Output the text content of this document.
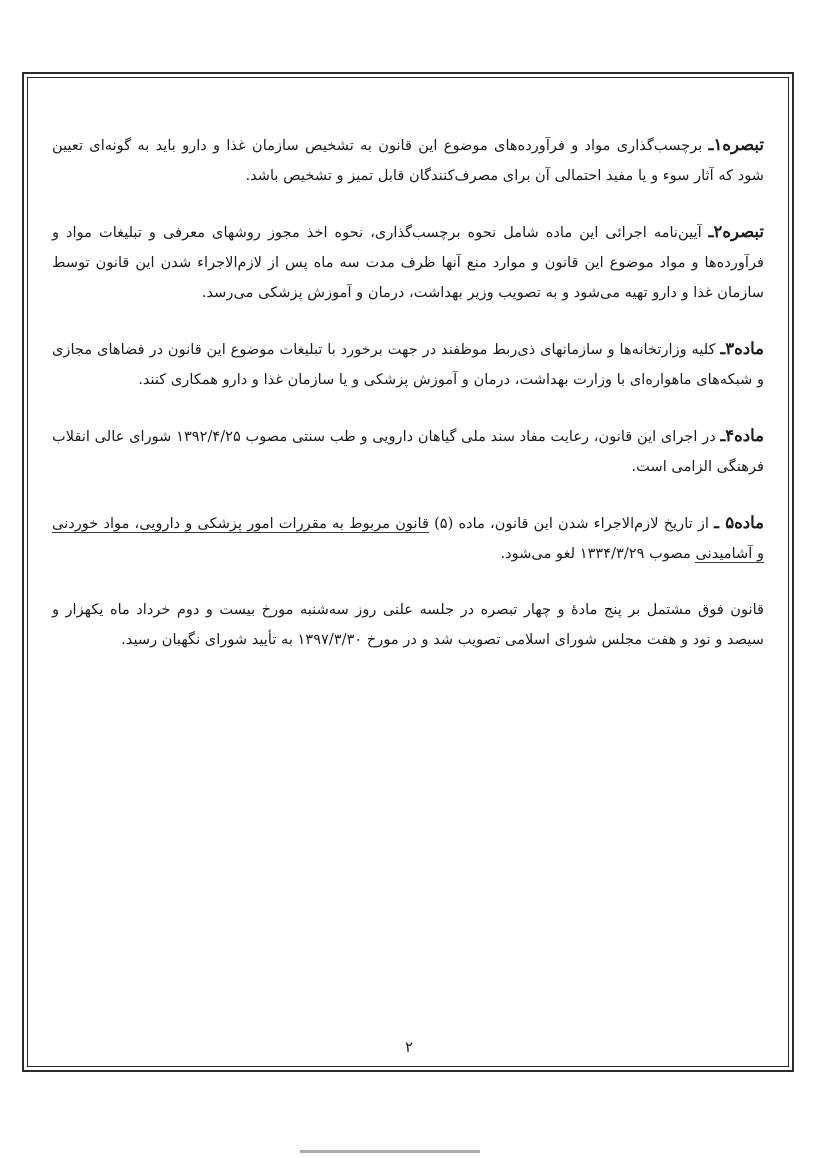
تبصره۱ـ برچسب‌گذاری مواد و فرآورده‌های موضوع این قانون به تشخیص سازمان غذا و دارو باید به گونه‌ای تعیین شود که آثار سوء و یا مفید احتمالی آن برای مصرف‌کنندگان قابل تمیز و تشخیص باشد.

تبصره۲ـ آیین‌نامه اجرائی این ماده شامل نحوه برچسب‌گذاری، نحوه اخذ مجوز روشهای معرفی و تبلیغات مواد و فرآورده‌ها و مواد موضوع این قانون و موارد منع آنها ظرف مدت سه ماه پس از لازم‌الاجراء شدن این قانون توسط سازمان غذا و دارو تهیه می‌شود و به تصویب وزیر بهداشت، درمان و آموزش پزشکی می‌رسد.

ماده۳ـ کلیه وزارتخانه‌ها و سازمانهای ذی‌ربط موظفند در جهت برخورد با تبلیغات موضوع این قانون در فضاهای مجازی و شبکه‌های ماهواره‌ای با وزارت بهداشت، درمان و آموزش پزشکی و یا سازمان غذا و دارو همکاری کنند.

ماده۴ـ در اجرای این قانون، رعایت مفاد سند ملی گیاهان دارویی و طب سنتی مصوب ۱۳۹۲/۴/۲۵ شورای عالی انقلاب فرهنگی الزامی است.

ماده۵ ـ از تاریخ لازم‌الاجراء شدن این قانون، ماده (۵) قانون مربوط به مقررات امور پزشکی و دارویی، مواد خوردنی و آشامیدنی مصوب ۱۳۳۴/۳/۲۹ لغو می‌شود.

قانون فوق مشتمل بر پنج مادۀ و چهار تبصره در جلسه علنی روز سه‌شنبه مورخ بیست و دوم خرداد ماه یکهزار و سیصد و نود و هفت مجلس شورای اسلامی تصویب شد و در مورخ ۱۳۹۷/۳/۳۰ به تأیید شورای نگهبان رسید.

۲
